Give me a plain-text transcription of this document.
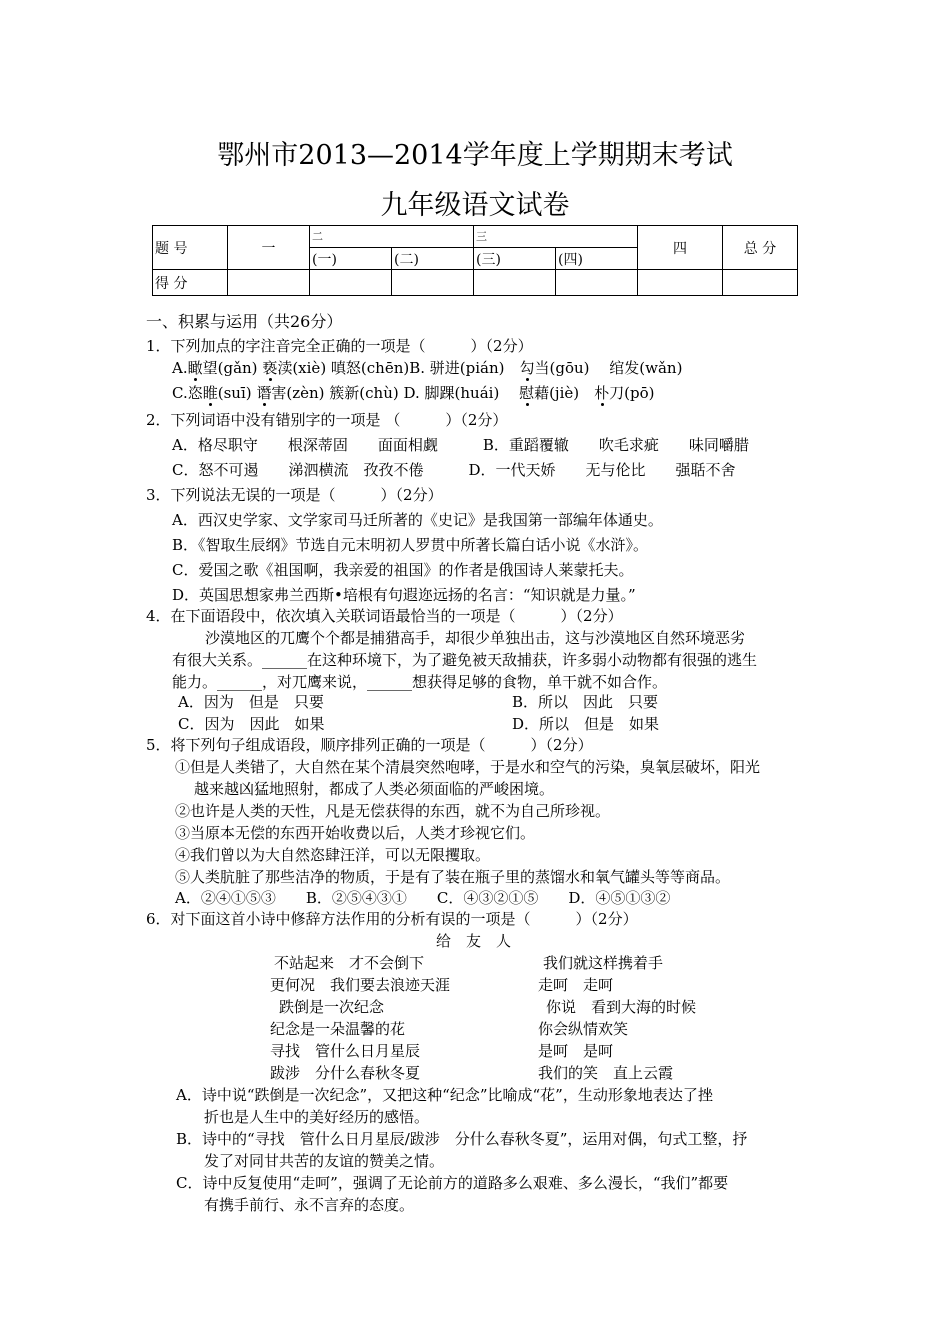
鄂州市2013—2014学年度上学期期末考试
九年级语文试卷
题 号	一	二		三		四	总 分
		(一)	(二)	(三)	(四)		
得 分							
一、积累与运用（共26分）
1．下列加点的字注音完全正确的一项是（　　　）（2分）
A.瞰望(gǎn) 亵渎(xiè) 嗔怒(chēn)B. 骈进(pián)　勾当(gōu)　 绾发(wǎn)
C.恣睢(suī) 谮害(zèn) 簇新(chù) D. 脚踝(huái)　 慰藉(jiè)　朴刀(pō)
2．下列词语中没有错别字的一项是 （　　　）（2分）
A．格尽职守　　根深蒂固　　面面相觑　　　B．重蹈覆辙　　吹毛求疵　　味同嚼腊
C．怒不可遏　　涕泗横流　孜孜不倦　　　D．一代天娇　　无与伦比　　强聒不舍
3．下列说法无误的一项是（　　　）（2分）
A．西汉史学家、文学家司马迁所著的《史记》是我国第一部编年体通史。
B．《智取生辰纲》节选自元末明初人罗贯中所著长篇白话小说《水浒》。
C．爱国之歌《祖国啊，我亲爱的祖国》的作者是俄国诗人莱蒙托夫。
D．英国思想家弗兰西斯•培根有句遐迩远扬的名言：“知识就是力量。”
4．在下面语段中，依次填入关联词语最恰当的一项是（　　　）（2分）
沙漠地区的兀鹰个个都是捕猎高手，却很少单独出击，这与沙漠地区自然环境恶劣
有很大关系。______在这种环境下，为了避免被天敌捕获，许多弱小动物都有很强的逃生
能力。______，对兀鹰来说，______想获得足够的食物，单干就不如合作。
A．因为　但是　只要	B．所以　因此　只要
C．因为　因此　如果	D．所以　但是　如果
5．将下列句子组成语段，顺序排列正确的一项是（　　　）（2分）
①但是人类错了，大自然在某个清晨突然咆哮，于是水和空气的污染，臭氧层破坏，阳光
越来越凶猛地照射，都成了人类必须面临的严峻困境。
②也许是人类的天性，凡是无偿获得的东西，就不为自己所珍视。
③当原本无偿的东西开始收费以后，人类才珍视它们。
④我们曾以为大自然恣肆汪洋，可以无限攫取。
⑤人类肮脏了那些洁净的物质，于是有了装在瓶子里的蒸馏水和氧气罐头等等商品。
A．②④①⑤③　　B．②⑤④③①　　C．④③②①⑤　　D．④⑤①③②
6．对下面这首小诗中修辞方法作用的分析有误的一项是（　　　）（2分）
给　友　人
不站起来　才不会倒下
更何况　我们要去浪迹天涯
跌倒是一次纪念
纪念是一朵温馨的花
寻找　管什么日月星辰
跋涉　分什么春秋冬夏
我们就这样携着手
走呵　走呵
你说　看到大海的时候
你会纵情欢笑
是呵　是呵
我们的笑　直上云霞
A．诗中说“跌倒是一次纪念”，又把这种“纪念”比喻成“花”，生动形象地表达了挫
折也是人生中的美好经历的感悟。
B．诗中的“寻找　管什么日月星辰/跋涉　分什么春秋冬夏”，运用对偶，句式工整，抒
发了对同甘共苦的友谊的赞美之情。
C．诗中反复使用“走呵”，强调了无论前方的道路多么艰难、多么漫长，“我们”都要
有携手前行、永不言弃的态度。
